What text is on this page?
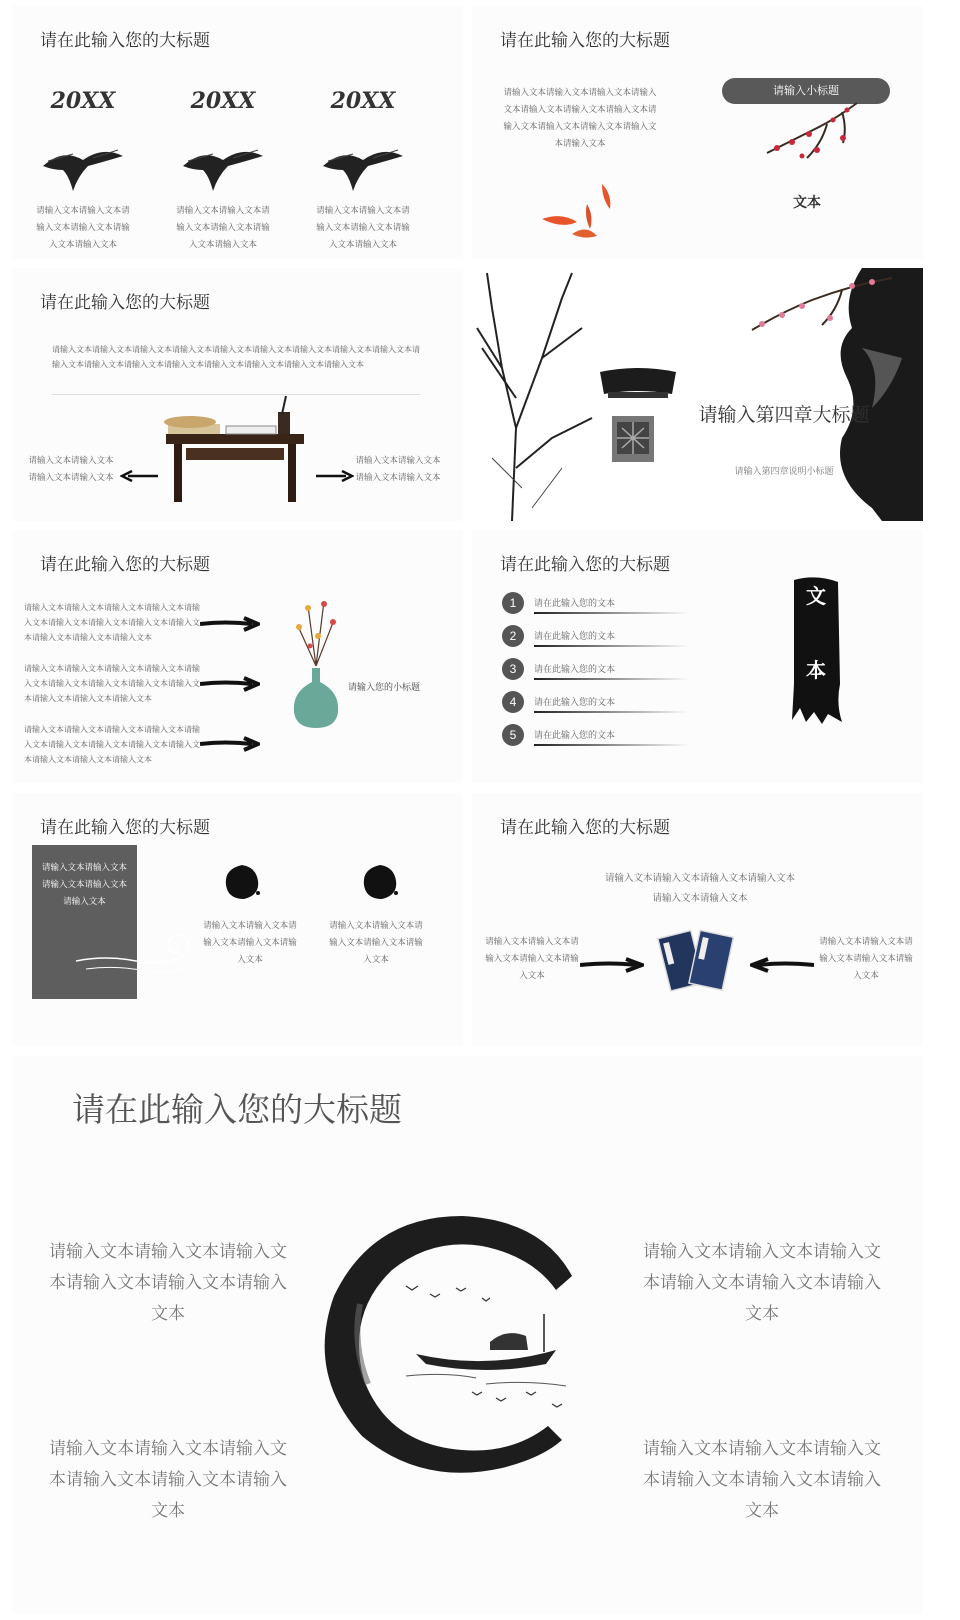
请在此输入您的大标题
20XX	20XX	20XX
请输入文本请输入文本请输入文本请输入文本请输入文本请输入文本
请输入文本请输入文本请输入文本请输入文本请输入文本请输入文本
请输入文本请输入文本请输入文本请输入文本请输入文本请输入文本
请在此输入您的大标题
请输入文本请输入文本请输入文本请输入文本请输入文本请输入文本请输入文本请输入文本请输入文本请输入文本请输入文本请输入文本
请输入小标题
文本
请在此输入您的大标题
请输入文本请输入文本请输入文本请输入文本请输入文本请输入文本请输入文本请输入文本请输入文本请输入文本请输入文本请输入文本请输入文本请输入文本请输入文本请输入文本请输入文本
请输入文本请输入文本请输入文本请输入文本
请输入文本请输入文本请输入文本请输入文本
请输入第四章大标题
请输入第四章说明小标题
请在此输入您的大标题
请输入文本请输入文本请输入文本请输入文本请输入文本请输入文本请输入文本请输入文本请输入文本请输入文本请输入文本请输入文本
请输入文本请输入文本请输入文本请输入文本请输入文本请输入文本请输入文本请输入文本请输入文本请输入文本请输入文本请输入文本
请输入文本请输入文本请输入文本请输入文本请输入文本请输入文本请输入文本请输入文本请输入文本请输入文本请输入文本请输入文本
请输入您的小标题
请在此输入您的大标题
1	请在此输入您的文本
2	请在此输入您的文本
3	请在此输入您的文本
4	请在此输入您的文本
5	请在此输入您的文本
文
本
请在此输入您的大标题
请输入文本请输入文本请输入文本请输入文本请输入文本
请输入文本请输入文本请输入文本请输入文本请输入文本
请输入文本请输入文本请输入文本请输入文本请输入文本
请在此输入您的大标题
请输入文本请输入文本请输入文本请输入文本请输入文本请输入文本
请输入文本请输入文本请输入文本请输入文本请输入文本
请输入文本请输入文本请输入文本请输入文本请输入文本
请在此输入您的大标题
请输入文本请输入文本请输入文本请输入文本请输入文本请输入文本
请输入文本请输入文本请输入文本请输入文本请输入文本请输入文本
请输入文本请输入文本请输入文本请输入文本请输入文本请输入文本
请输入文本请输入文本请输入文本请输入文本请输入文本请输入文本
